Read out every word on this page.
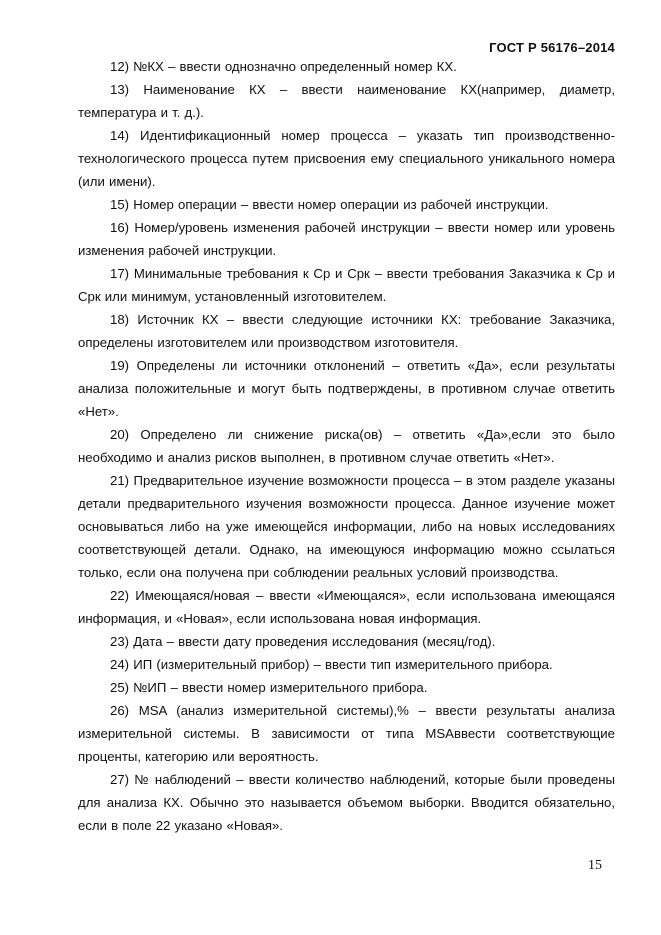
ГОСТ Р 56176–2014

12) №КХ – ввести однозначно определенный номер КХ.

13) Наименование КХ – ввести наименование КХ(например, диаметр, температура и т. д.).

14) Идентификационный номер процесса – указать тип производственно-технологического процесса путем присвоения ему специального уникального номера (или имени).

15) Номер операции – ввести номер операции из рабочей инструкции.

16) Номер/уровень изменения рабочей инструкции – ввести номер или уровень изменения рабочей инструкции.

17) Минимальные требования к Cр и Cрк – ввести требования Заказчика к Cр и Cрк или минимум, установленный изготовителем.

18) Источник КХ – ввести следующие источники КХ: требование Заказчика, определены изготовителем или производством изготовителя.

19) Определены ли источники отклонений – ответить «Да», если результаты анализа положительные и могут быть подтверждены, в противном случае ответить «Нет».

20) Определено ли снижение риска(ов) – ответить «Да»,если это было необходимо и анализ рисков выполнен, в противном случае ответить «Нет».

21) Предварительное изучение возможности процесса – в этом разделе указаны детали предварительного изучения возможности процесса. Данное изучение может основываться либо на уже имеющейся информации, либо на новых исследованиях соответствующей детали. Однако, на имеющуюся информацию можно ссылаться только, если она получена при соблюдении реальных условий производства.

22) Имеющаяся/новая – ввести «Имеющаяся», если использована имеющаяся информация, и «Новая», если использована новая информация.

23) Дата – ввести дату проведения исследования (месяц/год).

24) ИП (измерительный прибор) – ввести тип измерительного прибора.

25) №ИП – ввести номер измерительного прибора.

26) MSA (анализ измерительной системы),% – ввести результаты анализа измерительной системы. В зависимости от типа MSAввести соответствующие проценты, категорию или вероятность.

27) № наблюдений – ввести количество наблюдений, которые были проведены для анализа КХ. Обычно это называется объемом выборки. Вводится обязательно, если в поле 22 указано «Новая».

15
